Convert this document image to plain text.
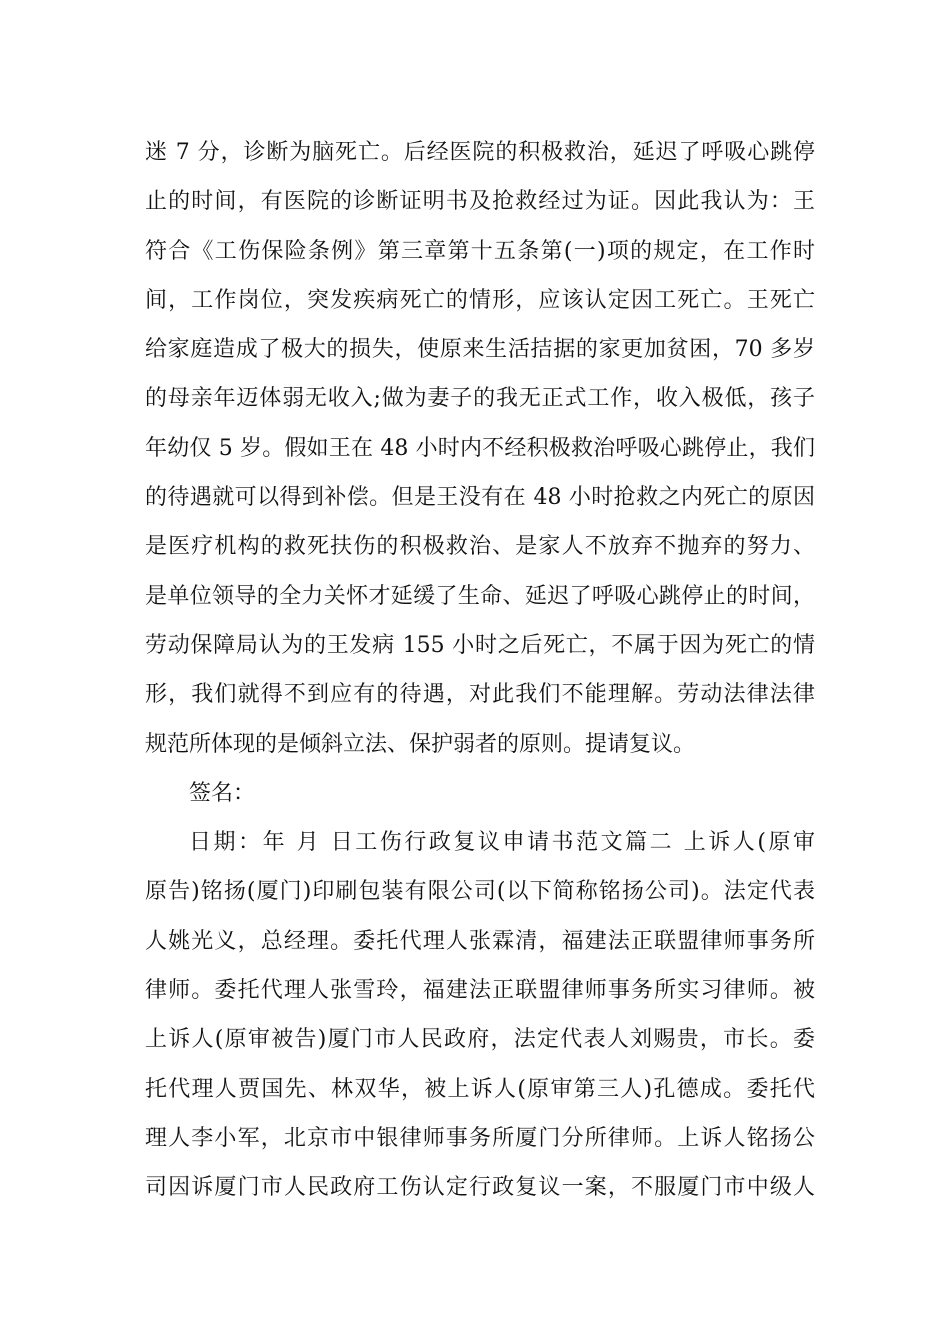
迷 7 分，诊断为脑死亡。后经医院的积极救治，延迟了呼吸心跳停
止的时间，有医院的诊断证明书及抢救经过为证。因此我认为：王
符合《工伤保险条例》第三章第十五条第(一)项的规定，在工作时
间，工作岗位，突发疾病死亡的情形，应该认定因工死亡。王死亡
给家庭造成了极大的损失，使原来生活拮据的家更加贫困，70 多岁
的母亲年迈体弱无收入;做为妻子的我无正式工作，收入极低，孩子
年幼仅 5 岁。假如王在 48 小时内不经积极救治呼吸心跳停止，我们
的待遇就可以得到补偿。但是王没有在 48 小时抢救之内死亡的原因
是医疗机构的救死扶伤的积极救治、是家人不放弃不抛弃的努力、
是单位领导的全力关怀才延缓了生命、延迟了呼吸心跳停止的时间，
劳动保障局认为的王发病 155 小时之后死亡，不属于因为死亡的情
形，我们就得不到应有的待遇，对此我们不能理解。劳动法律法律
规范所体现的是倾斜立法、保护弱者的原则。提请复议。
签名：
日期：年 月 日工伤行政复议申请书范文篇二 上诉人(原审
原告)铭扬(厦门)印刷包装有限公司(以下简称铭扬公司)。法定代表
人姚光义，总经理。委托代理人张霖清，福建法正联盟律师事务所
律师。委托代理人张雪玲，福建法正联盟律师事务所实习律师。被
上诉人(原审被告)厦门市人民政府，法定代表人刘赐贵，市长。委
托代理人贾国先、林双华，被上诉人(原审第三人)孔德成。委托代
理人李小军，北京市中银律师事务所厦门分所律师。上诉人铭扬公
司因诉厦门市人民政府工伤认定行政复议一案，不服厦门市中级人
